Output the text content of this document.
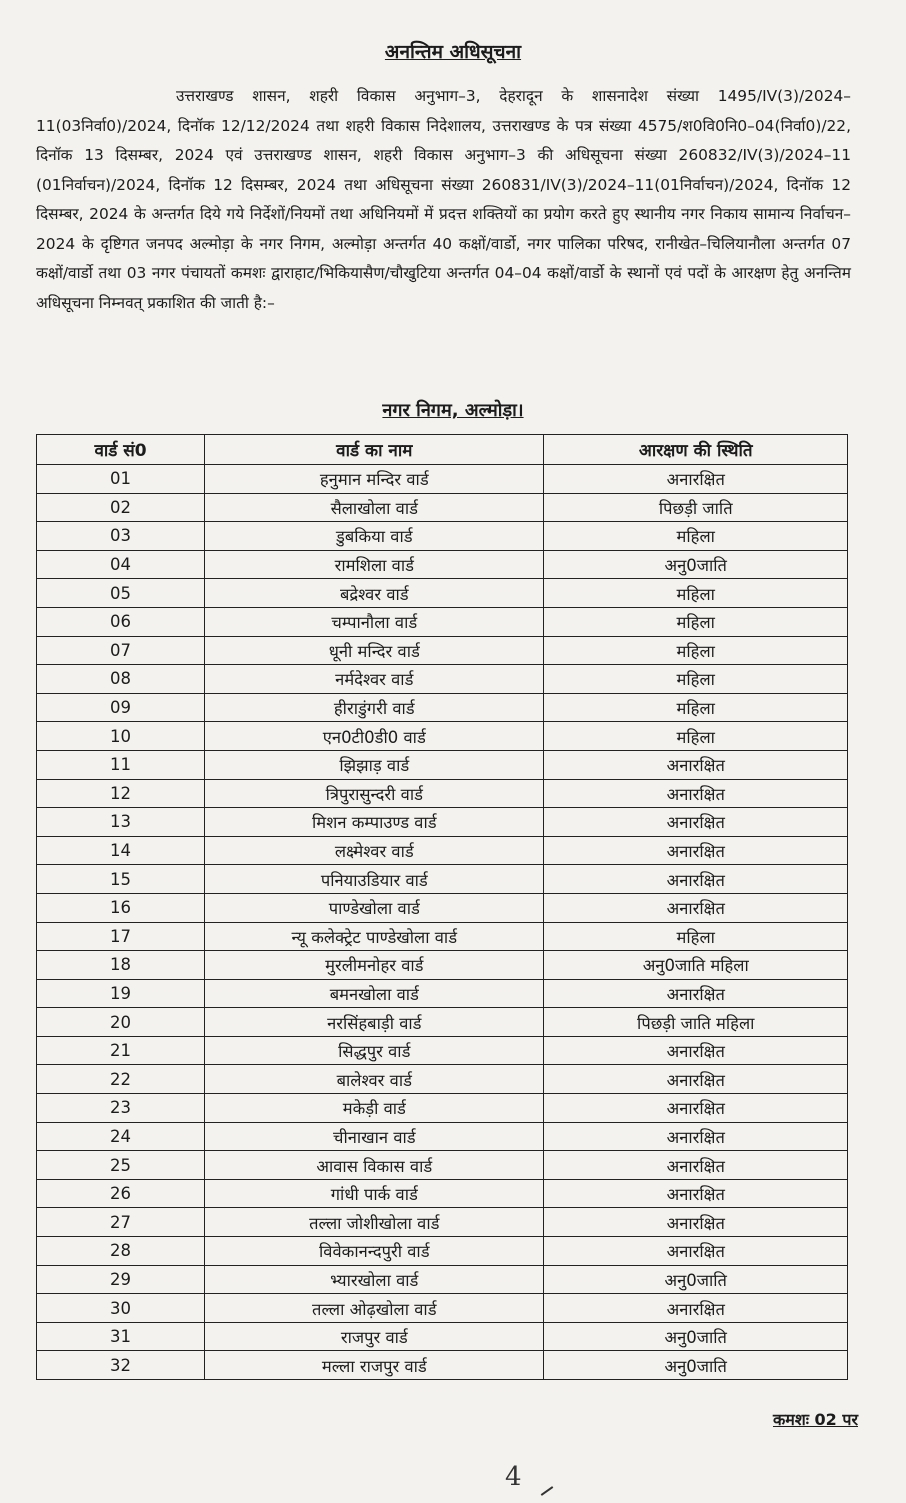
अनन्तिम अधिसूचना

उत्तराखण्ड शासन, शहरी विकास अनुभाग–3, देहरादून के शासनादेश संख्या 1495/IV(3)/2024–11(03निर्वा0)/2024, दिनॉक 12/12/2024 तथा शहरी विकास निदेशालय, उत्तराखण्ड के पत्र संख्या 4575/श0वि0नि0–04(निर्वा0)/22, दिनॉक 13 दिसम्बर, 2024 एवं उत्तराखण्ड शासन, शहरी विकास अनुभाग–3 की अधिसूचना संख्या 260832/IV(3)/2024–11 (01निर्वाचन)/2024, दिनॉक 12 दिसम्बर, 2024 तथा अधिसूचना संख्या 260831/IV(3)/2024–11(01निर्वाचन)/2024, दिनॉक 12 दिसम्बर, 2024 के अन्तर्गत दिये गये निर्देशों/नियमों तथा अधिनियमों में प्रदत्त शक्तियों का प्रयोग करते हुए स्थानीय नगर निकाय सामान्य निर्वाचन–2024 के दृष्टिगत जनपद अल्मोड़ा के नगर निगम, अल्मोड़ा अन्तर्गत 40 कक्षों/वार्डो, नगर पालिका परिषद, रानीखेत–चिलियानौला अन्तर्गत 07 कक्षों/वार्डो तथा 03 नगर पंचायतों कमशः द्वाराहाट/भिकियासैण/चौखुटिया अन्तर्गत 04–04 कक्षों/वार्डो के स्थानों एवं पदों के आरक्षण हेतु अनन्तिम अधिसूचना निम्नवत् प्रकाशित की जाती है:–

नगर निगम, अल्मोड़ा।
वार्ड सं0	वार्ड का नाम	आरक्षण की स्थिति
01	हनुमान मन्दिर वार्ड	अनारक्षित
02	सैलाखोला वार्ड	पिछड़ी जाति
03	डुबकिया वार्ड	महिला
04	रामशिला वार्ड	अनु0जाति
05	बद्रेश्वर वार्ड	महिला
06	चम्पानौला वार्ड	महिला
07	धूनी मन्दिर वार्ड	महिला
08	नर्मदेश्वर वार्ड	महिला
09	हीराडुंगरी वार्ड	महिला
10	एन0टी0डी0 वार्ड	महिला
11	झिझाड़ वार्ड	अनारक्षित
12	त्रिपुरासुन्दरी वार्ड	अनारक्षित
13	मिशन कम्पाउण्ड वार्ड	अनारक्षित
14	लक्ष्मेश्वर वार्ड	अनारक्षित
15	पनियाउडियार वार्ड	अनारक्षित
16	पाण्डेखोला वार्ड	अनारक्षित
17	न्यू कलेक्ट्रेट पाण्डेखोला वार्ड	महिला
18	मुरलीमनोहर वार्ड	अनु0जाति महिला
19	बमनखोला वार्ड	अनारक्षित
20	नरसिंहबाड़ी वार्ड	पिछड़ी जाति महिला
21	सिद्धपुर वार्ड	अनारक्षित
22	बालेश्वर वार्ड	अनारक्षित
23	मकेड़ी वार्ड	अनारक्षित
24	चीनाखान वार्ड	अनारक्षित
25	आवास विकास वार्ड	अनारक्षित
26	गांधी पार्क वार्ड	अनारक्षित
27	तल्ला जोशीखोला वार्ड	अनारक्षित
28	विवेकानन्दपुरी वार्ड	अनारक्षित
29	भ्यारखोला वार्ड	अनु0जाति
30	तल्ला ओढ़खोला वार्ड	अनारक्षित
31	राजपुर वार्ड	अनु0जाति
32	मल्ला राजपुर वार्ड	अनु0जाति
कमशः 02 पर
4
